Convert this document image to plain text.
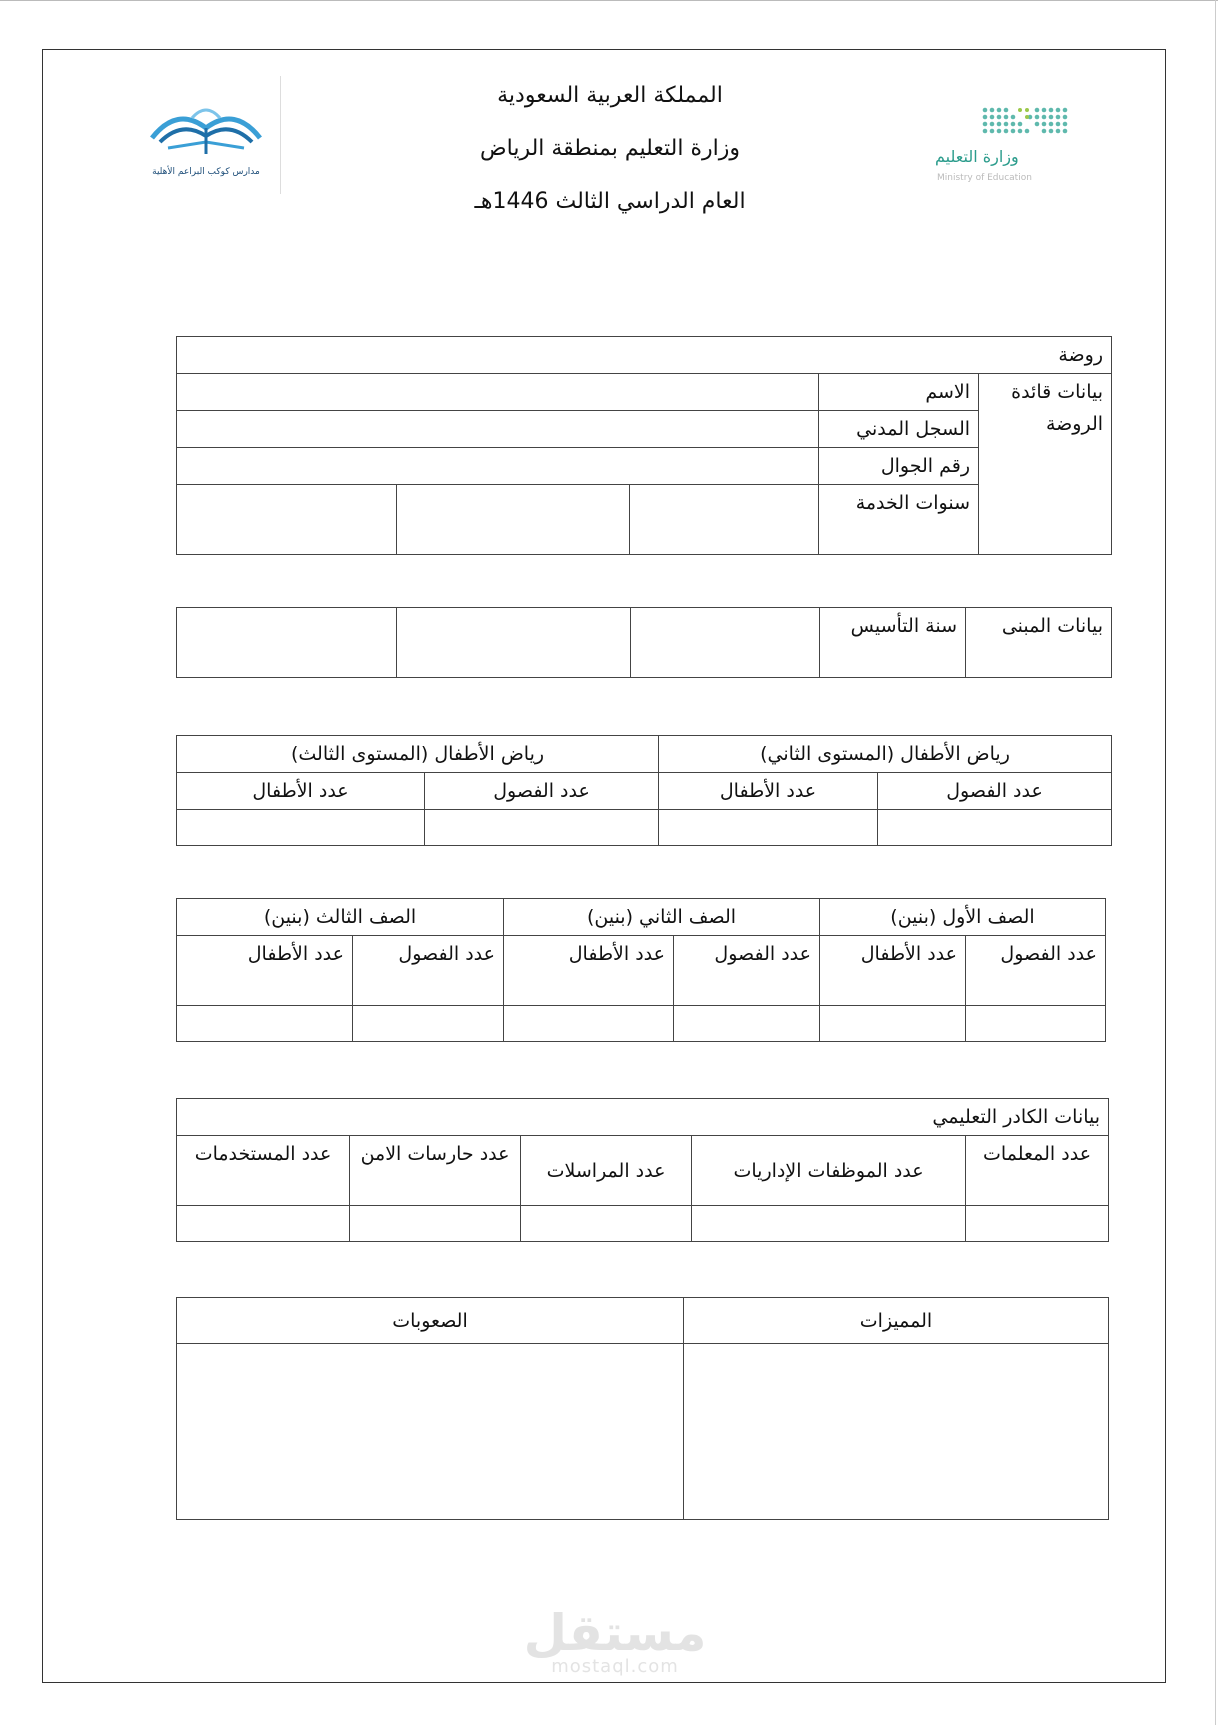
المملكة العربية السعودية
وزارة التعليم بمنطقة الرياض
العام الدراسي الثالث 1446هـ
وزارة التعليم
Ministry of Education
مدارس كوكب البراعم الأهلية
روضة				
بيانات قائدة الروضة	الاسم			
	السجل المدني			
	رقم الجوال			
	سنوات الخدمة			
بيانات المبنى	سنة التأسيس			
رياض الأطفال (المستوى الثاني)		رياض الأطفال (المستوى الثالث)	
عدد الفصول	عدد الأطفال	عدد الفصول	عدد الأطفال

الصف الأول (بنين)		الصف الثاني (بنين)		الصف الثالث (بنين)	
عدد الفصول	عدد الأطفال	عدد الفصول	عدد الأطفال	عدد الفصول	عدد الأطفال

بيانات الكادر التعليمي				
عدد المعلمات	عدد الموظفات الإداريات	عدد المراسلات	عدد حارسات الامن	عدد المستخدمات

المميزات	الصعوبات

مستقل
mostaql.com
